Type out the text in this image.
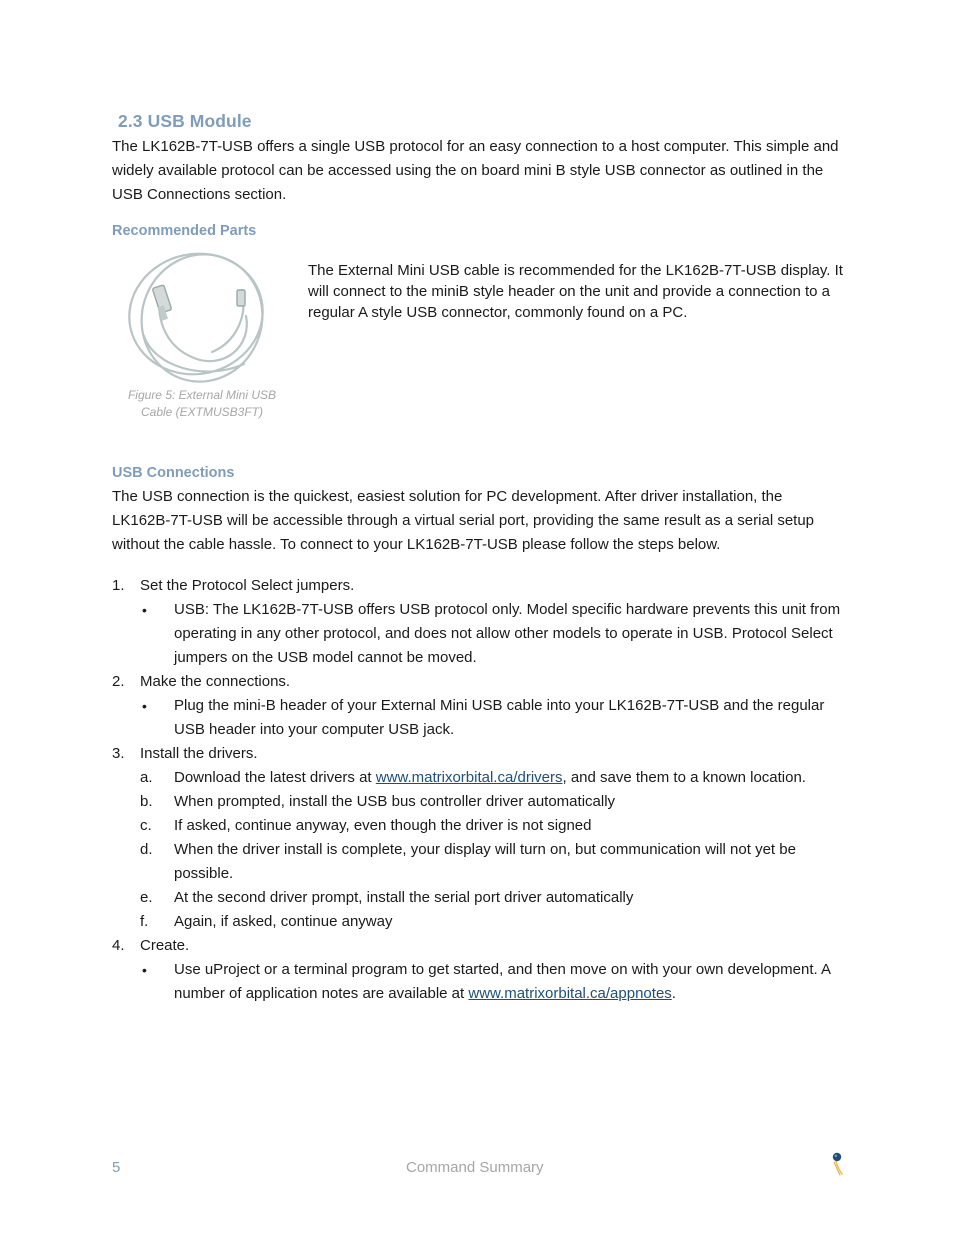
2.3 USB Module

The LK162B-7T-USB offers a single USB protocol for an easy connection to a host computer. This simple and widely available protocol can be accessed using the on board mini B style USB connector as outlined in the USB Connections section.

Recommended Parts
Figure 5: External Mini USB
Cable (EXTMUSB3FT)

The External Mini USB cable is recommended for the LK162B-7T-USB display. It will connect to the miniB style header on the unit and provide a connection to a regular A style USB connector, commonly found on a PC.

USB Connections

The USB connection is the quickest, easiest solution for PC development. After driver installation, the LK162B-7T-USB will be accessible through a virtual serial port, providing the same result as a serial setup without the cable hassle. To connect to your LK162B-7T-USB please follow the steps below.

1. Set the Protocol Select jumpers.
• USB: The LK162B-7T-USB offers USB protocol only. Model specific hardware prevents this unit from operating in any other protocol, and does not allow other models to operate in USB. Protocol Select jumpers on the USB model cannot be moved.
2. Make the connections.
• Plug the mini-B header of your External Mini USB cable into your LK162B-7T-USB and the regular USB header into your computer USB jack.
3. Install the drivers.
a.	Download the latest drivers at www.matrixorbital.ca/drivers, and save them to a known location.
b.	When prompted, install the USB bus controller driver automatically
c.	If asked, continue anyway, even though the driver is not signed
d.	When the driver install is complete, your display will turn on, but communication will not yet be possible.
e.	At the second driver prompt, install the serial port driver automatically
f.	Again, if asked, continue anyway
4. Create.
• Use uProject or a terminal program to get started, and then move on with your own development. A number of application notes are available at www.matrixorbital.ca/appnotes.
5	Command Summary
